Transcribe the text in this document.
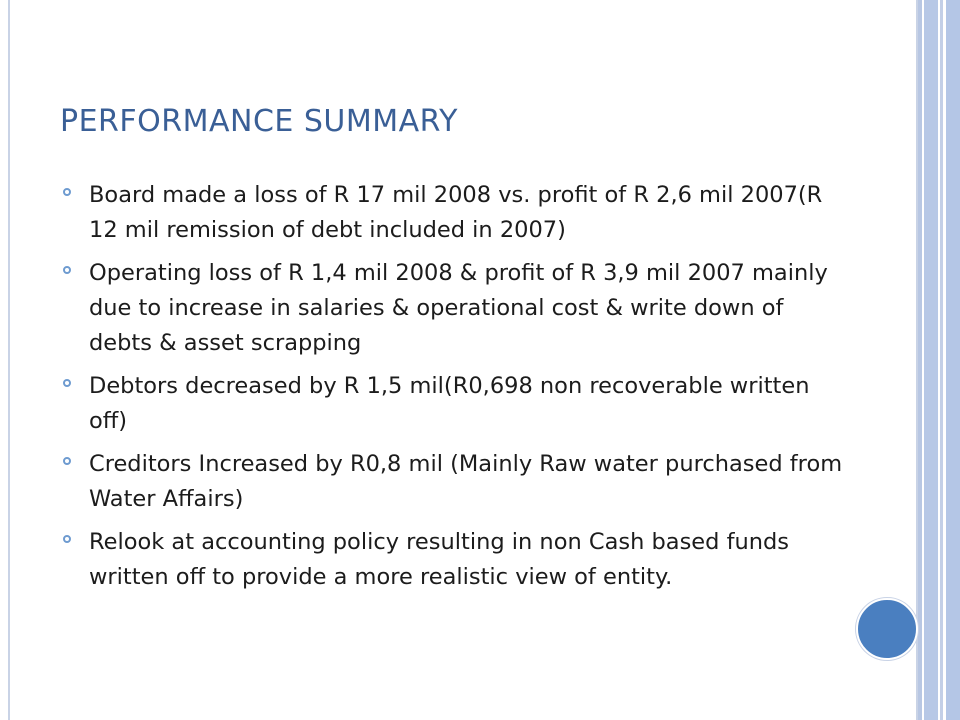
PERFORMANCE SUMMARY
Board made a loss of R 17 mil 2008 vs. profit of R 2,6 mil 2007(R 12 mil remission of debt included in 2007)
Operating loss of R 1,4 mil 2008 & profit of R 3,9 mil 2007 mainly due to increase in salaries & operational cost & write down of debts & asset scrapping
Debtors decreased by R 1,5 mil(R0,698 non recoverable written off)
Creditors Increased by R0,8 mil (Mainly Raw water purchased from Water Affairs)
Relook at accounting policy resulting in non Cash based funds written off to provide a more realistic view of entity.
